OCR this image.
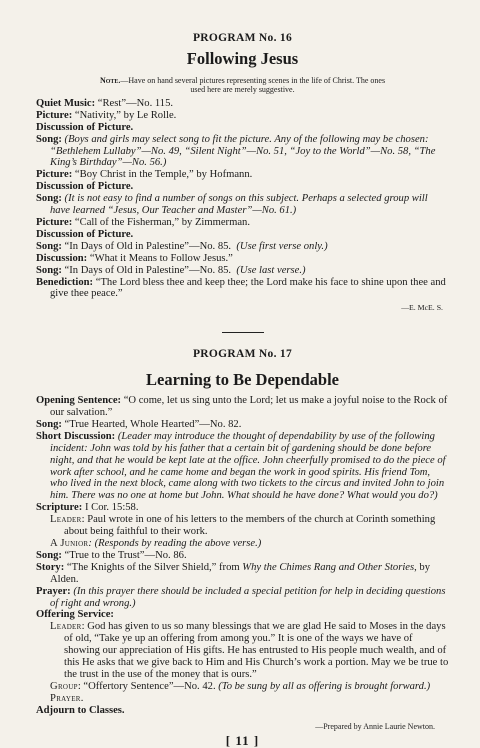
PROGRAM No. 16
Following Jesus
Note.—Have on hand several pictures representing scenes in the life of Christ. The ones used here are merely suggestive.
Quiet Music: “Rest”—No. 115.
Picture: “Nativity,” by Le Rolle.
Discussion of Picture.
Song: (Boys and girls may select song to fit the picture. Any of the following may be chosen: “Bethlehem Lullaby”—No. 49, “Silent Night”—No. 51, “Joy to the World”—No. 58, “The King’s Birthday”—No. 56.)
Picture: “Boy Christ in the Temple,” by Hofmann.
Discussion of Picture.
Song: (It is not easy to find a number of songs on this subject. Perhaps a selected group will have learned “Jesus, Our Teacher and Master”—No. 61.)
Picture: “Call of the Fisherman,” by Zimmerman.
Discussion of Picture.
Song: “In Days of Old in Palestine”—No. 85. (Use first verse only.)
Discussion: “What it Means to Follow Jesus.”
Song: “In Days of Old in Palestine”—No. 85. (Use last verse.)
Benediction: “The Lord bless thee and keep thee; the Lord make his face to shine upon thee and give thee peace.”
—E. McE. S.
PROGRAM No. 17
Learning to Be Dependable
Opening Sentence: “O come, let us sing unto the Lord; let us make a joyful noise to the Rock of our salvation.”
Song: “True Hearted, Whole Hearted”—No. 82.
Short Discussion: (Leader may introduce the thought of dependability by use of the following incident: John was told by his father that a certain bit of gardening should be done before night, and that he would be kept late at the office. John cheerfully promised to do the piece of work after school, and he came home and began the work in good spirits. His friend Tom, who lived in the next block, came along with two tickets to the circus and invited John to join him. There was no one at home but John. What should he have done? What would you do?)
Scripture: I Cor. 15:58.
Leader: Paul wrote in one of his letters to the members of the church at Corinth something about being faithful to their work.
A Junior: (Responds by reading the above verse.)
Song: “True to the Trust”—No. 86.
Story: “The Knights of the Silver Shield,” from Why the Chimes Rang and Other Stories, by Alden.
Prayer: (In this prayer there should be included a special petition for help in deciding questions of right and wrong.)
Offering Service:
Leader: God has given to us so many blessings that we are glad He said to Moses in the days of old, “Take ye up an offering from among you.” It is one of the ways we have of showing our appreciation of His gifts. He has entrusted to His people much wealth, and of this He asks that we give back to Him and His Church’s work a portion. May we be true to the trust in the use of the money that is ours.”
Group: “Offertory Sentence”—No. 42. (To be sung by all as offering is brought forward.)
Prayer.
Adjourn to Classes.
—Prepared by Annie Laurie Newton.
[ 11 ]
